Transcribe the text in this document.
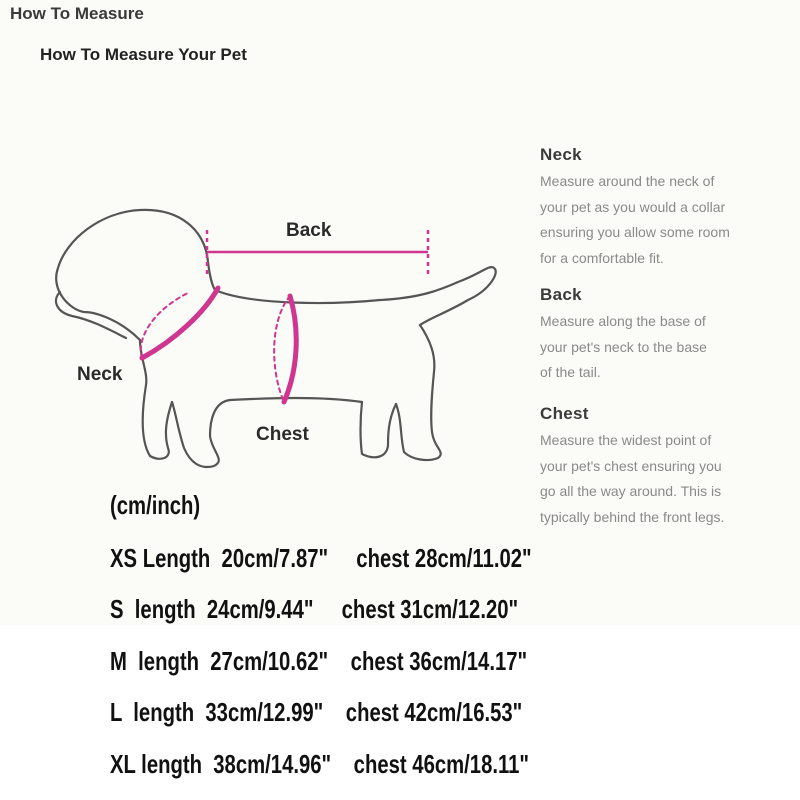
How To Measure
How To Measure Your Pet
Back
Neck
Chest
Neck

Measure around the neck of
your pet as you would a collar
ensuring you allow some room
for a comfortable fit.

Back

Measure along the base of
your pet's neck to the base
of the tail.

Chest

Measure the widest point of
your pet's chest ensuring you
go all the way around. This is
typically behind the front legs.

(cm/inch)
XS Length  20cm/7.87"     chest 28cm/11.02"
S  length  24cm/9.44"     chest 31cm/12.20"
M  length  27cm/10.62"    chest 36cm/14.17"
L  length  33cm/12.99"    chest 42cm/16.53"
XL length  38cm/14.96"    chest 46cm/18.11"
